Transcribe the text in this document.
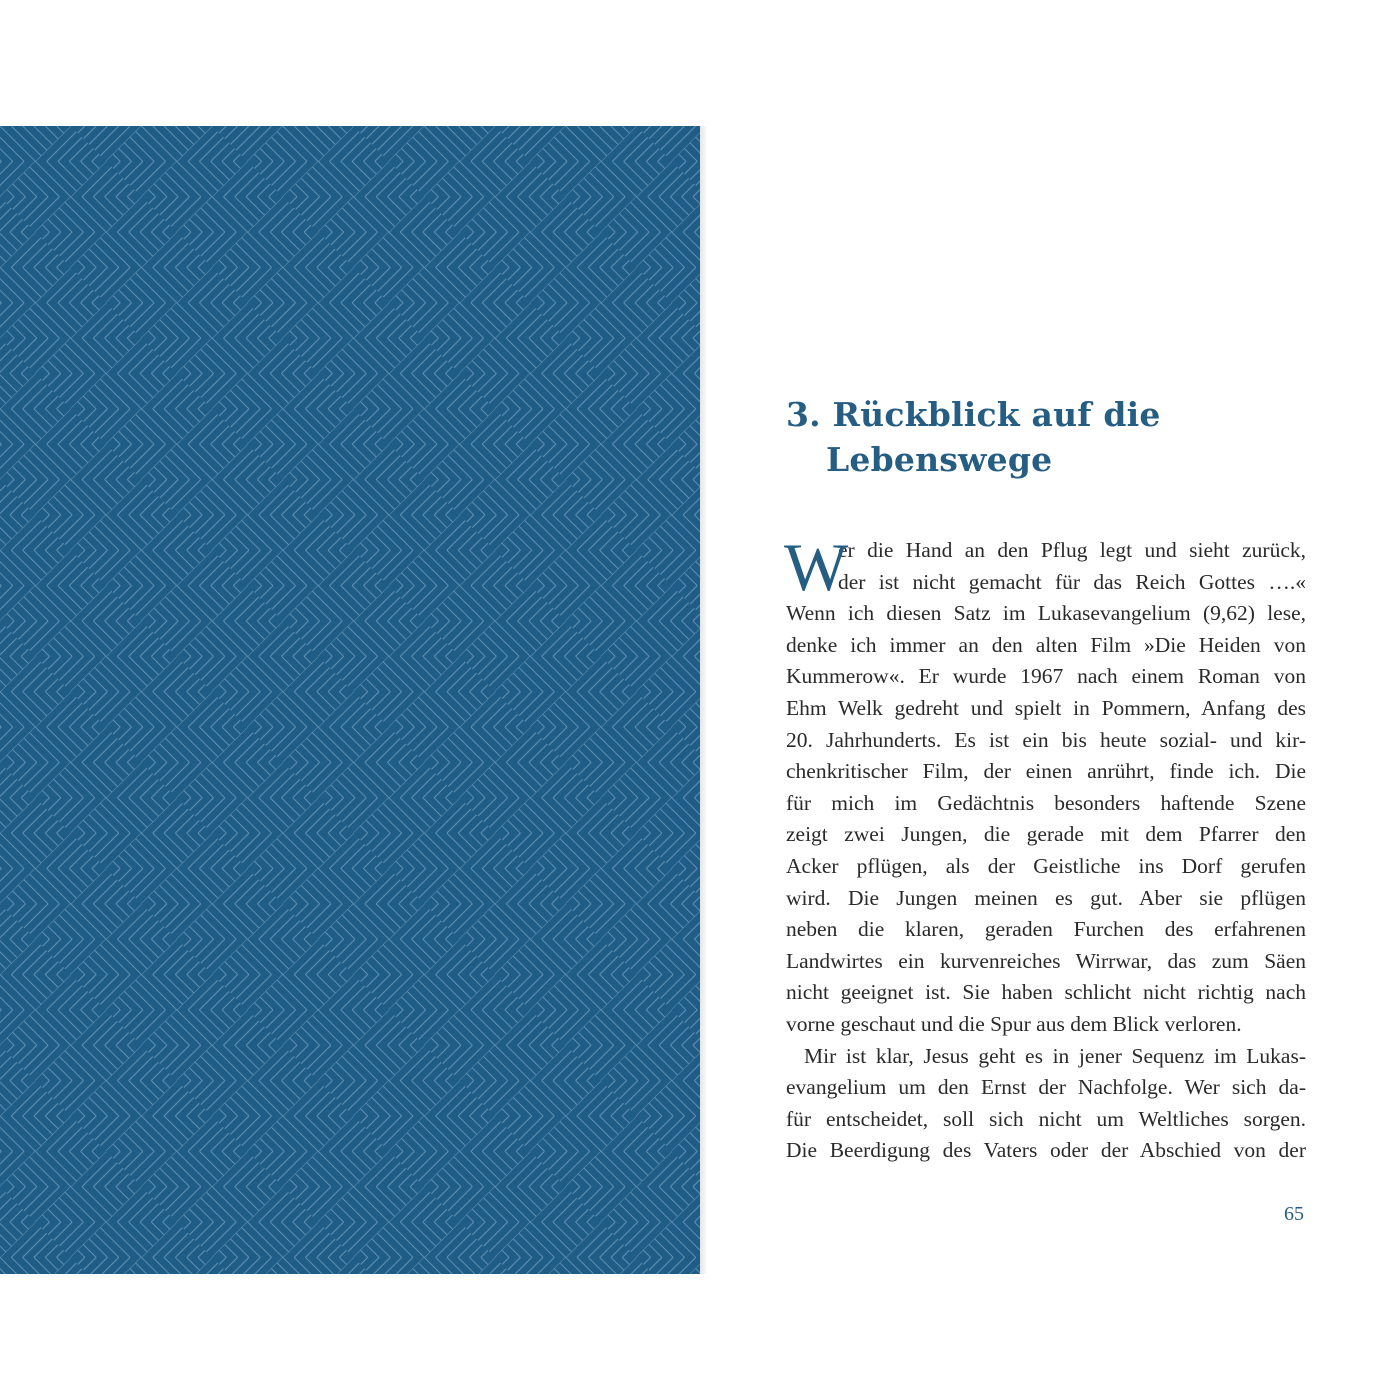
3. Rückblick auf die
Lebenswege
W
er die Hand an den Pflug legt und sieht zurück,
der ist nicht gemacht für das Reich Gottes ….«
Wenn ich diesen Satz im Lukasevangelium (9,62) lese,
denke ich immer an den alten Film »Die Heiden von
Kummerow«. Er wurde 1967 nach einem Roman von
Ehm Welk gedreht und spielt in Pommern, Anfang des
20. Jahrhunderts. Es ist ein bis heute sozial- und kir-
chenkritischer Film, der einen anrührt, finde ich. Die
für mich im Gedächtnis besonders haftende Szene
zeigt zwei Jungen, die gerade mit dem Pfarrer den
Acker pflügen, als der Geistliche ins Dorf gerufen
wird. Die Jungen meinen es gut. Aber sie pflügen
neben die klaren, geraden Furchen des erfahrenen
Landwirtes ein kurvenreiches Wirrwar, das zum Säen
nicht geeignet ist. Sie haben schlicht nicht richtig nach
vorne geschaut und die Spur aus dem Blick verloren.
Mir ist klar, Jesus geht es in jener Sequenz im Lukas-
evangelium um den Ernst der Nachfolge. Wer sich da-
für entscheidet, soll sich nicht um Weltliches sorgen.
Die Beerdigung des Vaters oder der Abschied von der
65
